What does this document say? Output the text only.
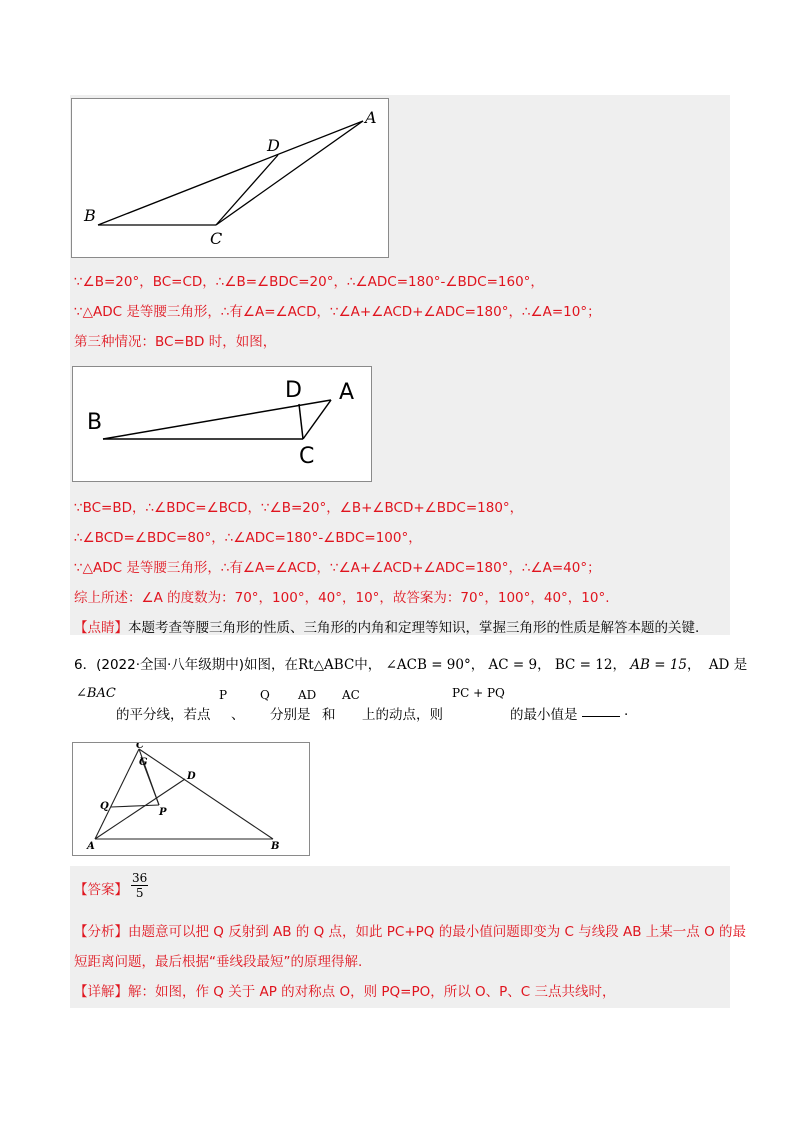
A
B
C
D
∵∠B=20°，BC=CD，∴∠B=∠BDC=20°，∴∠ADC=180°-∠BDC=160°，
∵△ADC 是等腰三角形，∴有∠A=∠ACD，∵∠A+∠ACD+∠ADC=180°，∴∠A=10°；
第三种情况：BC=BD 时，如图，
A
B
C
D
∵BC=BD，∴∠BDC=∠BCD，∵∠B=20°，∠B+∠BCD+∠BDC=180°，
∴∠BCD=∠BDC=80°，∴∠ADC=180°-∠BDC=100°，
∵△ADC 是等腰三角形，∴有∠A=∠ACD，∵∠A+∠ACD+∠ADC=180°，∴∠A=40°；
综上所述：∠A 的度数为：70°，100°，40°，10°，故答案为：70°，100°，40°，10°.
【点睛】本题考查等腰三角形的性质、三角形的内角和定理等知识，掌握三角形的性质是解答本题的关键.
6．(2022·全国·八年级期中)如图，在Rt△ABC中， ∠ACB = 90°， AC = 9， BC = 12， AB = 15， AD 是
∠BAC
的平分线，若点
P
、
Q
分别是
AD
和
AC
上的动点，则
PC + PQ
的最小值是	.
C
G
D
Q
P
A	B
【答案】 $\frac{36}{5}$
【分析】由题意可以把 Q 反射到 AB 的 Q 点，如此 PC+PQ 的最小值问题即变为 C 与线段 AB 上某一点 O 的最
短距离问题，最后根据“垂线段最短”的原理得解.
【详解】解：如图，作 Q 关于 AP 的对称点 O，则 PQ=PO，所以 O、P、C 三点共线时，
